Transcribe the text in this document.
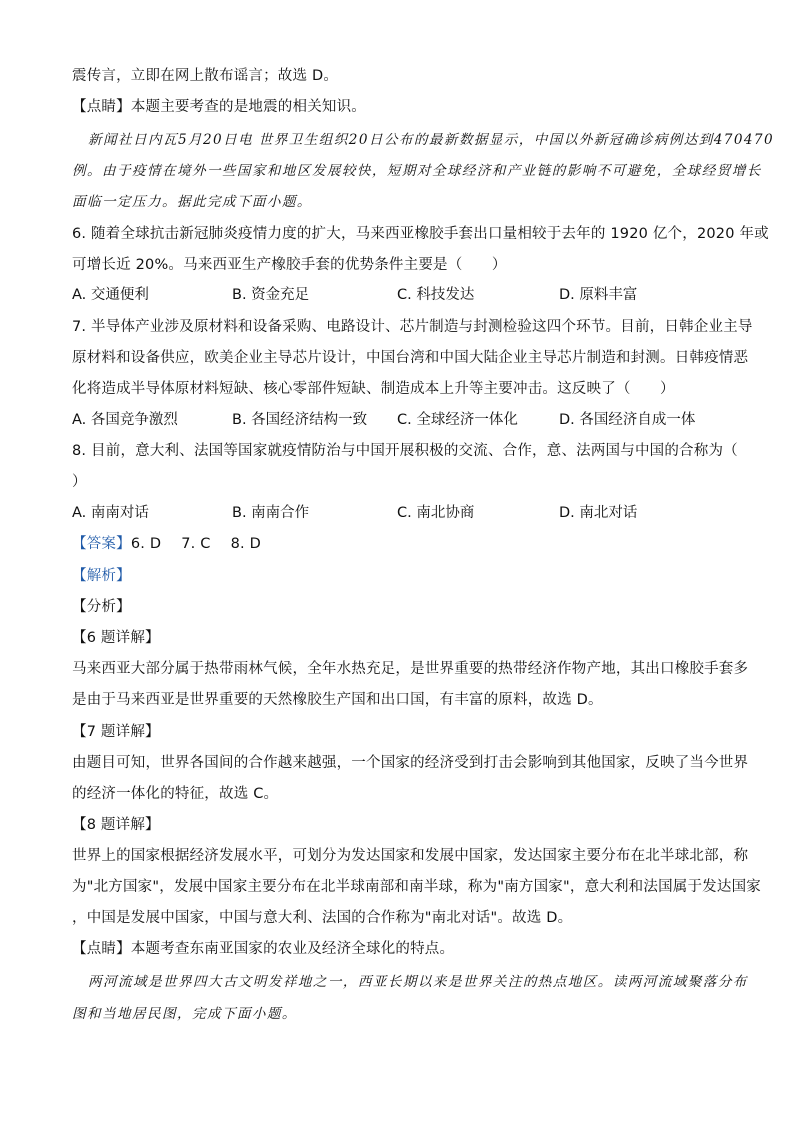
震传言，立即在网上散布谣言；故选 D。
【点睛】本题主要考查的是地震的相关知识。
新闻社日内瓦5月20日电 世界卫生组织20日公布的最新数据显示，中国以外新冠确诊病例达到470470
例。由于疫情在境外一些国家和地区发展较快，短期对全球经济和产业链的影响不可避免，全球经贸增长
面临一定压力。据此完成下面小题。
6. 随着全球抗击新冠肺炎疫情力度的扩大，马来西亚橡胶手套出口量相较于去年的 1920 亿个，2020 年或
可增长近 20%。马来西亚生产橡胶手套的优势条件主要是（　　）
A. 交通便利	B. 资金充足	C. 科技发达	D. 原料丰富
7. 半导体产业涉及原材料和设备采购、电路设计、芯片制造与封测检验这四个环节。目前，日韩企业主导
原材料和设备供应，欧美企业主导芯片设计，中国台湾和中国大陆企业主导芯片制造和封测。日韩疫情恶
化将造成半导体原材料短缺、核心零部件短缺、制造成本上升等主要冲击。这反映了（　　）
A. 各国竞争激烈	B. 各国经济结构一致 C. 全球经济一体化	D. 各国经济自成一体
8. 目前，意大利、法国等国家就疫情防治与中国开展积极的交流、合作，意、法两国与中国的合称为（
）
A. 南南对话	B. 南南合作	C. 南北协商	D. 南北对话
【答案】6. D 7. C 8. D
【解析】
【分析】
【6 题详解】
马来西亚大部分属于热带雨林气候，全年水热充足，是世界重要的热带经济作物产地，其出口橡胶手套多
是由于马来西亚是世界重要的天然橡胶生产国和出口国，有丰富的原料，故选 D。
【7 题详解】
由题目可知，世界各国间的合作越来越强，一个国家的经济受到打击会影响到其他国家，反映了当今世界
的经济一体化的特征，故选 C。
【8 题详解】
世界上的国家根据经济发展水平，可划分为发达国家和发展中国家，发达国家主要分布在北半球北部，称
为"北方国家"，发展中国家主要分布在北半球南部和南半球，称为"南方国家"，意大利和法国属于发达国家
，中国是发展中国家，中国与意大利、法国的合作称为"南北对话"。故选 D。
【点睛】本题考查东南亚国家的农业及经济全球化的特点。
两河流域是世界四大古文明发祥地之一，西亚长期以来是世界关注的热点地区。读两河流域聚落分布
图和当地居民图，完成下面小题。
